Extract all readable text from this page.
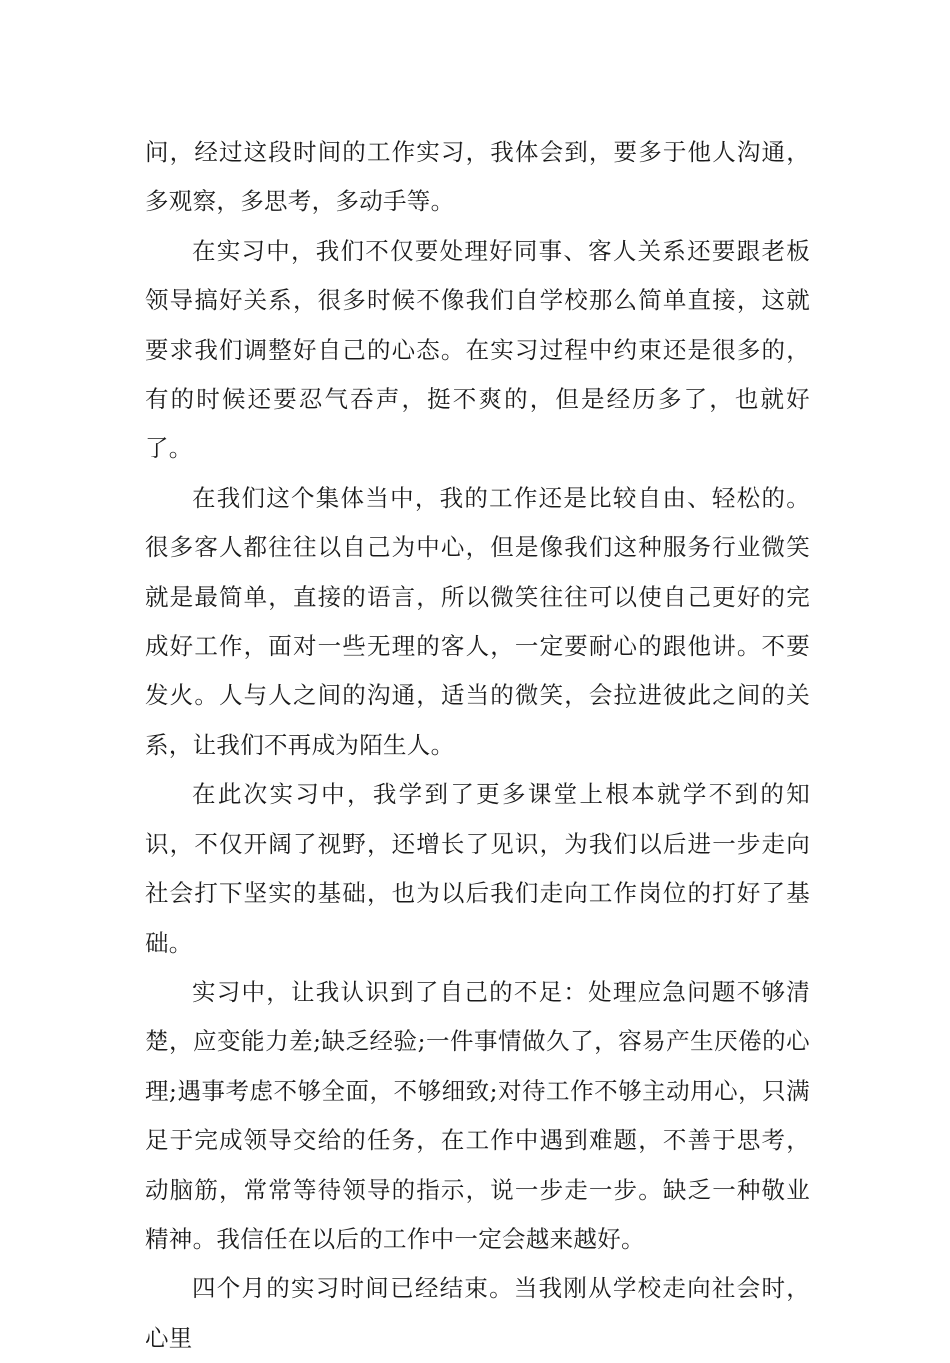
问，经过这段时间的工作实习，我体会到，要多于他人沟通，多观察，多思考，多动手等。

在实习中，我们不仅要处理好同事、客人关系还要跟老板领导搞好关系，很多时候不像我们自学校那么简单直接，这就要求我们调整好自己的心态。在实习过程中约束还是很多的，有的时候还要忍气吞声，挺不爽的，但是经历多了，也就好了。

在我们这个集体当中，我的工作还是比较自由、轻松的。很多客人都往往以自己为中心，但是像我们这种服务行业微笑就是最简单，直接的语言，所以微笑往往可以使自己更好的完成好工作，面对一些无理的客人，一定要耐心的跟他讲。不要发火。人与人之间的沟通，适当的微笑，会拉进彼此之间的关系，让我们不再成为陌生人。

在此次实习中，我学到了更多课堂上根本就学不到的知识，不仅开阔了视野，还增长了见识，为我们以后进一步走向社会打下坚实的基础，也为以后我们走向工作岗位的打好了基础。

实习中，让我认识到了自己的不足：处理应急问题不够清楚，应变能力差;缺乏经验;一件事情做久了，容易产生厌倦的心理;遇事考虑不够全面，不够细致;对待工作不够主动用心，只满足于完成领导交给的任务，在工作中遇到难题，不善于思考，动脑筋，常常等待领导的指示，说一步走一步。缺乏一种敬业精神。我信任在以后的工作中一定会越来越好。

四个月的实习时间已经结束。当我刚从学校走向社会时，心里
